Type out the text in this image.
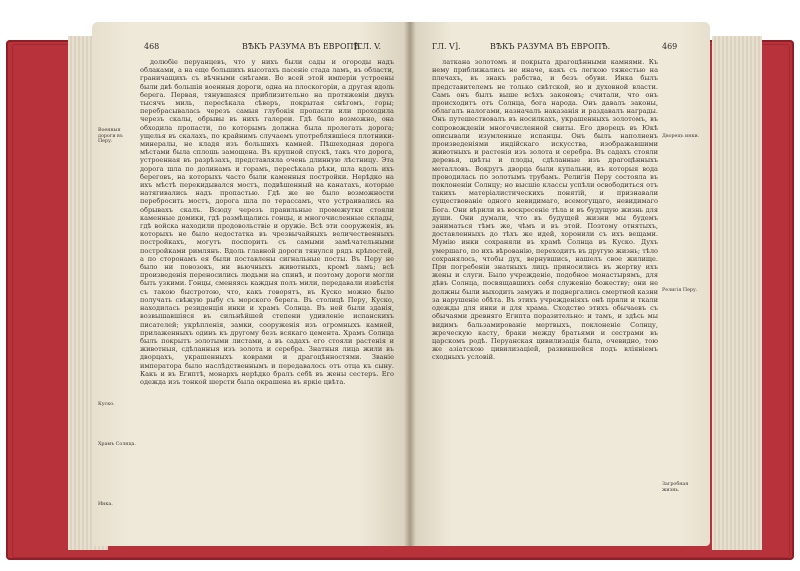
468	ВѢКЪ РАЗУМА ВЪ ЕВРОПѢ.
[ГЛ. V.
Военныя дороги въ Перу.
Куско.
Храмъ Солнца.
Инка.

долюбіе перуанцевъ, что у нихъ были сады и огороды надъ облаками, а на еще большихъ высотахъ пасеніе стада ламъ, въ области, граничащихъ съ вѣчными снѣгами. Во всей этой имперіи устроены были двѣ большія военныя дороги, одна на плоскогоріи, а другая вдоль берега. Первая, тянувшаяся приблизительно на протяженіи двухъ тысячъ миль, пересѣкала сѣверъ, покрытая снѣгомъ, горы; перебрасывалась черезъ самыя глубокія пропасти или проходила черезъ скалы, обрывы въ нихъ галереи. Гдѣ было возможно, она обходила пропасти, по которымъ должна была пролегать дорога; ущелья въ скалахъ, по крайнимъ случаемъ употреблявшіеся плотники-минералы, не кладя изъ большихъ камней. Пѣшеходная дорога мѣстами была сплошь замощена. Въ крупной спускѣ, такъ что дорога, устроенная въ разрѣзахъ, представляла очень длинную лѣстницу. Эта дорога шла по долинамъ и горамъ, пересѣкала рѣки, шла вдоль ихъ береговъ, на которыхъ часто были каменныя постройки. Нерѣдко на ихъ мѣстѣ перекидывался мостъ, подвѣшенный на канатахъ, которые натягивались надъ пропастью. Гдѣ же не было возможности перебросить мостъ, дорога шла по терассамъ, что устраивались на обрывахъ скалъ. Всюду черезъ правильные промежутки стояли каменные домики, гдѣ размѣщались гонцы, и многочисленные склады, гдѣ войска находили продовольствіе и оружіе. Всѣ эти сооруженія, въ которыхъ не было недостатка въ чрезвычайныхъ величественныхъ постройкахъ, могутъ поспорить съ самыми замѣчательными постройками римлянъ. Вдоль главной дороги тянулся рядъ крѣпостей, а по сторонамъ ея были поставлены сигнальные посты. Въ Перу не было ни повозокъ, ни вьючныхъ животныхъ, кромѣ ламъ; всѣ произведенія переносились людьми на спинѣ, и поэтому дороги могли быть узкими. Гонцы, сменяясь каждыя полъ мили, передавали извѣстія съ такою быстротою, что, какъ говорятъ, въ Куско можно было получать свѣжую рыбу съ морского берега. Въ столицѣ Перу, Куско, находилась резиденція инки и храмъ Солнца. Въ ней были зданія, возвышавшіяся въ сильнѣйшей степени удивленіе испанскихъ писателей; укрѣпленія, замки, сооруженія изъ огромныхъ камней, прилаженныхъ одинъ къ другому безъ всякаго цемента. Храмъ Солнца былъ покрытъ золотыми листами, а въ садахъ его стояли растенія и животныя, сдѣланныя изъ золота и серебра. Знатныя лица жили въ дворцахъ, украшенныхъ коврами и драгоцѣнностями. Званіе императора было наслѣдственнымъ и передавалось отъ отца къ сыну. Какъ и въ Египтѣ, монархъ нерѣдко бралъ себѣ въ жены сестеръ. Его одежда изъ тонкой шерсти была окрашена въ яркіе цвѣта.

ГЛ. V].	ВѢКЪ РАЗУМА ВЪ ЕВРОПѢ.	469
Дворецъ инки.
Религія Перу.
Загробная жизнь.

латкана золотомъ и покрыта драгоцѣнными камнями. Къ нему приближались не иначе, какъ съ легкою тяжестью на плечахъ, въ знакъ рабства, и безъ обуви. Инка былъ представителемъ не только свѣтской, но и духовной власти. Самъ онъ былъ выше всѣхъ законовъ; считали, что онъ происходитъ отъ Солнца, бога народа. Онъ давалъ законы, облагалъ налогами, назначалъ наказанія и раздавалъ награды. Онъ путешествовалъ въ носилкахъ, украшенныхъ золотомъ, въ сопровожденіи многочисленной свиты. Его дворецъ въ Юкѣ описывали изумленные испанцы. Онъ былъ наполненъ произведеніями индійскаго искусства, изображавшими животныхъ и растенія изъ золота и серебра. Въ садахъ стояли деревья, цвѣты и плоды, сдѣланные изъ драгоцѣнныхъ металловъ. Вокругъ дворца были купальни, въ которыя вода проводилась по золотымъ трубамъ. Религія Перу состояла въ поклоненіи Солнцу; но высшіе классы успѣли освободиться отъ такихъ матеріалистическихъ понятій, и признавали существованіе одного невидимаго, всемогущаго, невидимаго Бога. Они вѣрили въ воскресеніе тѣла и въ будущую жизнь для души. Они думали, что въ будущей жизни мы будемъ заниматься тѣмъ же, чѣмъ и въ этой. Поэтому отнятыхъ, доставленныхъ до тѣхъ же идей, хоронили съ ихъ вещами. Мумію инки сохраняли въ храмѣ Солнца въ Куско. Духъ умершаго, по ихъ вѣрованію, переходитъ въ другую жизнь; тѣло сохранялось, чтобы дух, вернувшись, нашелъ свое жилище. При погребеніи знатныхъ лицъ приносились въ жертву ихъ жены и слуги. Было учрежденіе, подобное монастырямъ, для дѣвъ Солнца, посвящавшихъ себя служенію божеству; они не должны были выходить замужъ и подвергались смертной казни за нарушеніе обѣта. Въ этихъ учрежденіяхъ онѣ пряли и ткали одежды для инки и для храма. Сходство этихъ обычаевъ съ обычаями древняго Египта поразительно: и тамъ, и здѣсь мы видимъ бальзамированіе мертвыхъ, поклоненіе Солнцу, жреческую касту, браки между братьями и сестрами въ царскомъ родѣ. Перуанская цивилизація была, очевидно, тою же азіатскою цивилизаціей, развившейся подъ вліяніемъ сходныхъ условій.
